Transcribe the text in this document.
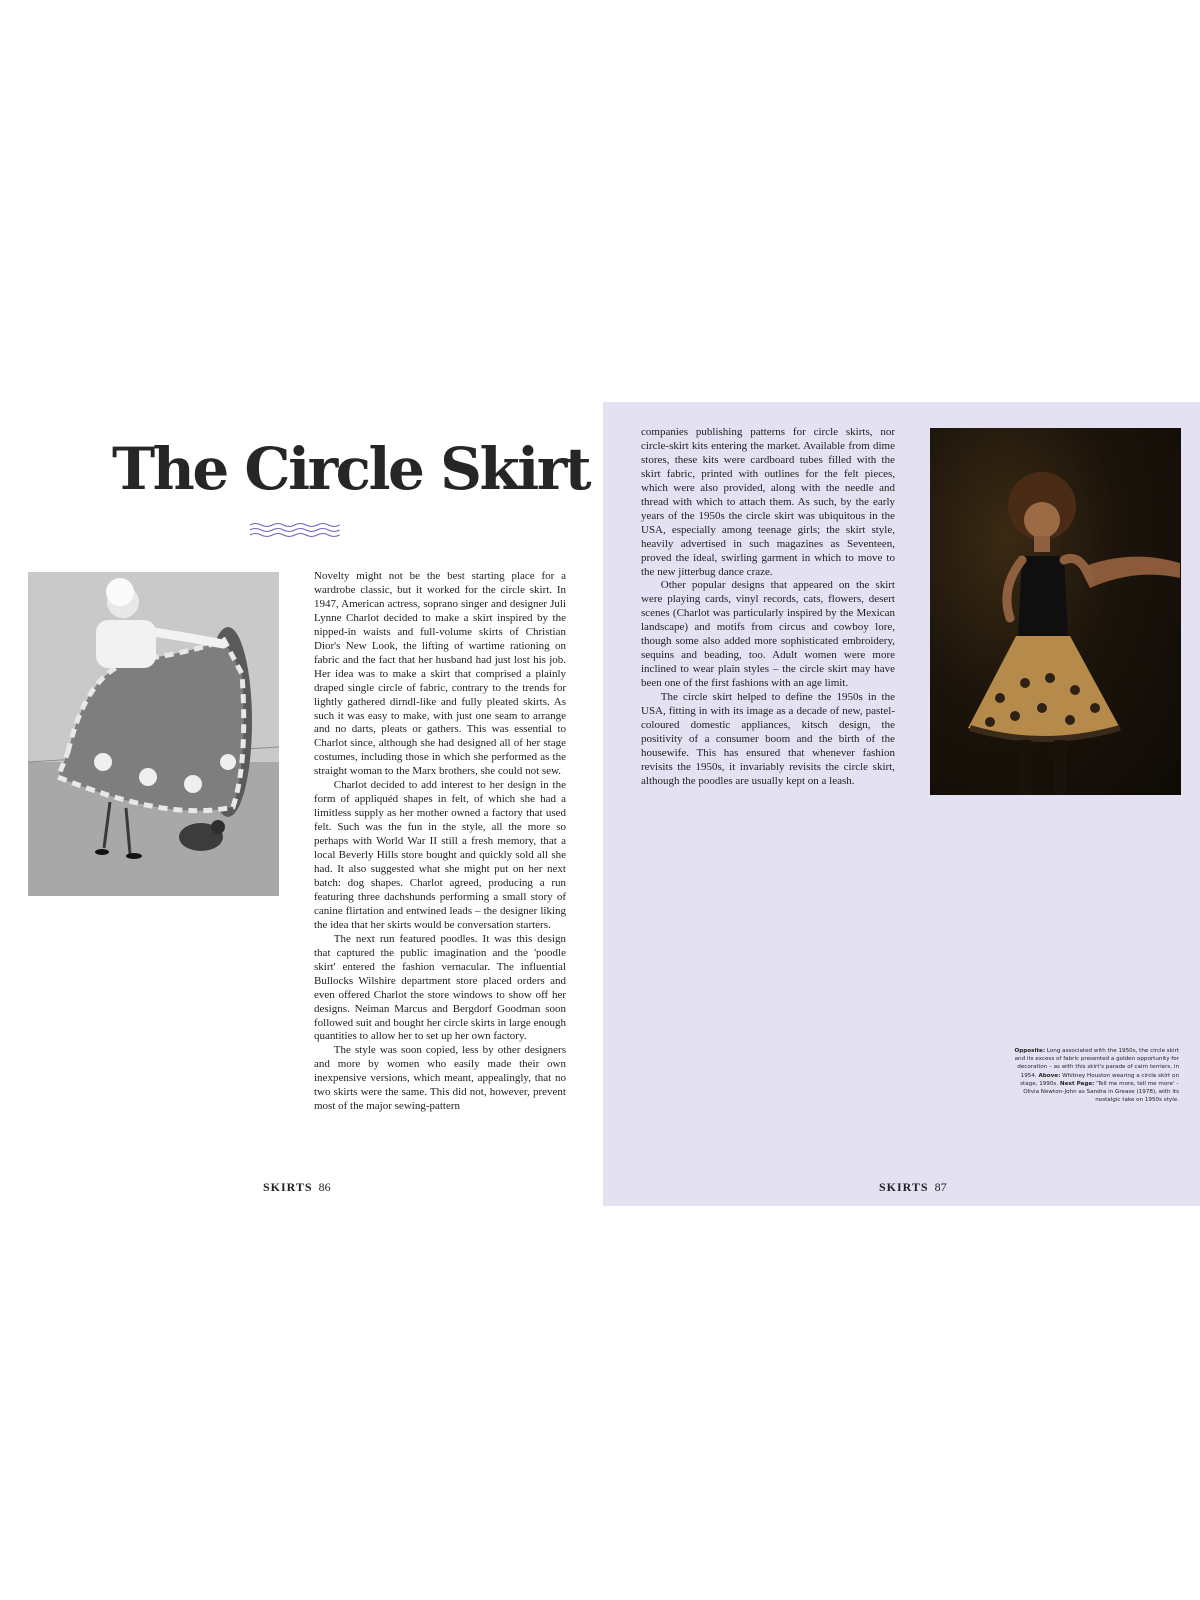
The Circle Skirt

Novelty might not be the best starting place for a wardrobe classic, but it worked for the circle skirt. In 1947, American actress, soprano singer and designer Juli Lynne Charlot decided to make a skirt inspired by the nipped-in waists and full-volume skirts of Christian Dior's New Look, the lifting of wartime rationing on fabric and the fact that her husband had just lost his job. Her idea was to make a skirt that comprised a plainly draped single circle of fabric, contrary to the trends for lightly gathered dirndl-like and fully pleated skirts. As such it was easy to make, with just one seam to arrange and no darts, pleats or gathers. This was essential to Charlot since, although she had designed all of her stage costumes, including those in which she performed as the straight woman to the Marx brothers, she could not sew.

Charlot decided to add interest to her design in the form of appliquéd shapes in felt, of which she had a limitless supply as her mother owned a factory that used felt. Such was the fun in the style, all the more so perhaps with World War II still a fresh memory, that a local Beverly Hills store bought and quickly sold all she had. It also suggested what she might put on her next batch: dog shapes. Charlot agreed, producing a run featuring three dachshunds performing a small story of canine flirtation and entwined leads – the designer liking the idea that her skirts would be conversation starters.

The next run featured poodles. It was this design that captured the public imagination and the 'poodle skirt' entered the fashion vernacular. The influential Bullocks Wilshire department store placed orders and even offered Charlot the store windows to show off her designs. Neiman Marcus and Bergdorf Goodman soon followed suit and bought her circle skirts in large enough quantities to allow her to set up her own factory.

The style was soon copied, less by other designers and more by women who easily made their own inexpensive versions, which meant, appealingly, that no two skirts were the same. This did not, however, prevent most of the major sewing-pattern

SKIRTS 86

companies publishing patterns for circle skirts, nor circle-skirt kits entering the market. Available from dime stores, these kits were cardboard tubes filled with the skirt fabric, printed with outlines for the felt pieces, which were also provided, along with the needle and thread with which to attach them. As such, by the early years of the 1950s the circle skirt was ubiquitous in the USA, especially among teenage girls; the skirt style, heavily advertised in such magazines as Seventeen, proved the ideal, swirling garment in which to move to the new jitterbug dance craze.

Other popular designs that appeared on the skirt were playing cards, vinyl records, cats, flowers, desert scenes (Charlot was particularly inspired by the Mexican landscape) and motifs from circus and cowboy lore, though some also added more sophisticated embroidery, sequins and beading, too. Adult women were more inclined to wear plain styles – the circle skirt may have been one of the first fashions with an age limit.

The circle skirt helped to define the 1950s in the USA, fitting in with its image as a decade of new, pastel-coloured domestic appliances, kitsch design, the positivity of a consumer boom and the birth of the housewife. This has ensured that whenever fashion revisits the 1950s, it invariably revisits the circle skirt, although the poodles are usually kept on a leash.

Opposite: Long associated with the 1950s, the circle skirt and its excess of fabric presented a golden opportunity for decoration – as with this skirt's parade of cairn terriers, in 1954. Above: Whitney Houston wearing a circle skirt on stage, 1990s. Next Page: 'Tell me more, tell me more' – Olivia Newton-John as Sandra in Grease (1978), with its nostalgic take on 1950s style.

SKIRTS 87
